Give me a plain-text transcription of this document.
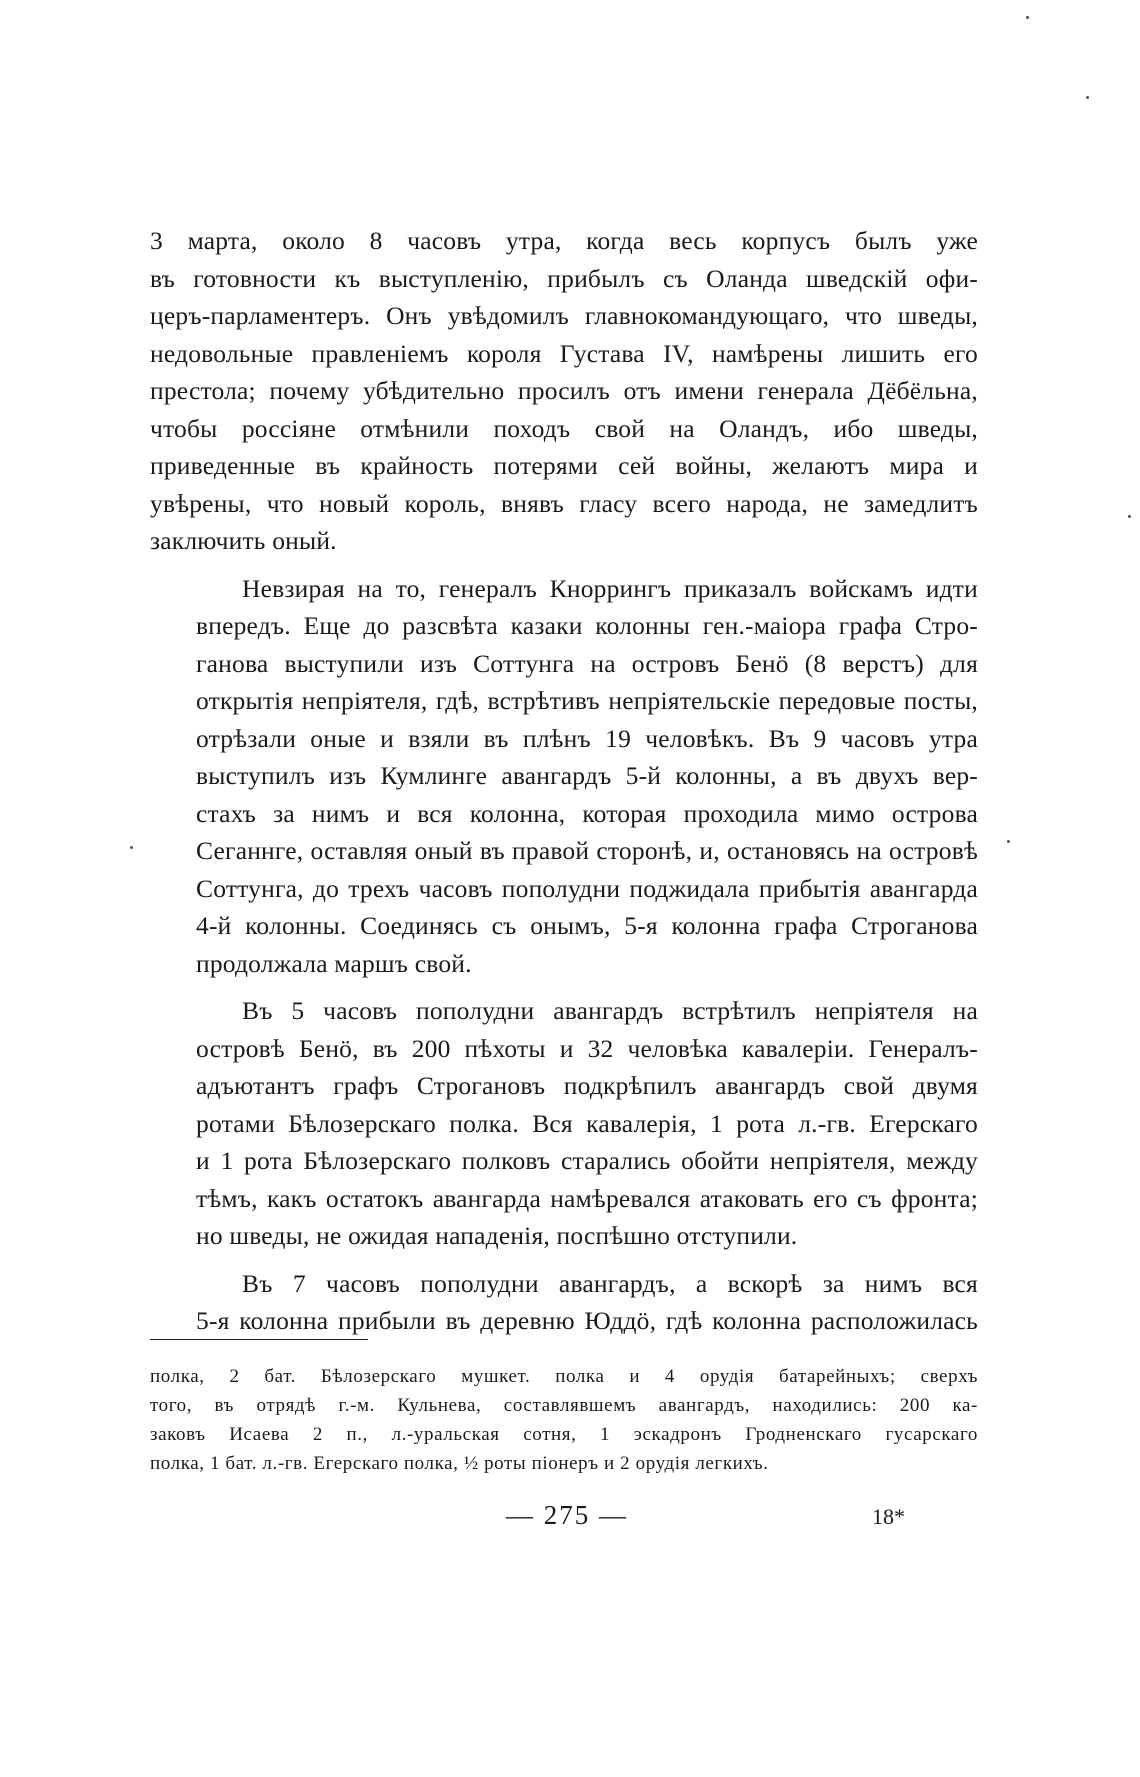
3 марта, около 8 часовъ утра, когда весь корпусъ былъ уже
въ готовности къ выступленію, прибылъ съ Оланда шведскій офи-
церъ-парламентеръ. Онъ увѣдомилъ главнокомандующаго, что шведы,
недовольные правленіемъ короля Густава IV, намѣрены лишить его
престола; почему убѣдительно просилъ отъ имени генерала Дёбёльна,
чтобы россіяне отмѣнили походъ свой на Оландъ, ибо шведы,
приведенные въ крайность потерями сей войны, желаютъ мира и
увѣрены, что новый король, внявъ гласу всего народа, не замедлитъ
заключить оный.
Невзирая на то, генералъ Кноррингъ приказалъ войскамъ идти
впередъ. Еще до разсвѣта казаки колонны ген.-маіора графа Стро-
ганова выступили изъ Соттунга на островъ Бенö (8 верстъ) для
открытія непріятеля, гдѣ, встрѣтивъ непріятельскіе передовые посты,
отрѣзали оные и взяли въ плѣнъ 19 человѣкъ. Въ 9 часовъ утра
выступилъ изъ Кумлинге авангардъ 5-й колонны, а въ двухъ вер-
стахъ за нимъ и вся колонна, которая проходила мимо острова
Сеганнге, оставляя оный въ правой сторонѣ, и, остановясь на островѣ
Соттунга, до трехъ часовъ пополудни поджидала прибытія авангарда
4-й колонны. Соединясь съ онымъ, 5-я колонна графа Строганова
продолжала маршъ свой.
Въ 5 часовъ пополудни авангардъ встрѣтилъ непріятеля на
островѣ Бенö, въ 200 пѣхоты и 32 человѣка кавалеріи. Генералъ-
адъютантъ графъ Строгановъ подкрѣпилъ авангардъ свой двумя
ротами Бѣлозерскаго полка. Вся кавалерія, 1 рота л.-гв. Егерскаго
и 1 рота Бѣлозерскаго полковъ старались обойти непріятеля, между
тѣмъ, какъ остатокъ авангарда намѣревался атаковать его съ фронта;
но шведы, не ожидая нападенія, поспѣшно отступили.
Въ 7 часовъ пополудни авангардъ, а вскорѣ за нимъ вся
5-я колонна прибыли въ деревню Юддö, гдѣ колонна расположилась
полка, 2 бат. Бѣлозерскаго мушкет. полка и 4 орудія батарейныхъ; сверхъ
того, въ отрядѣ г.-м. Кульнева, составлявшемъ авангардъ, находились: 200 ка-
заковъ Исаева 2 п., л.-уральская сотня, 1 эскадронъ Гродненскаго гусарскаго
полка, 1 бат. л.-гв. Егерскаго полка, ½ роты піонеръ и 2 орудія легкихъ.
— 275 —	18*
